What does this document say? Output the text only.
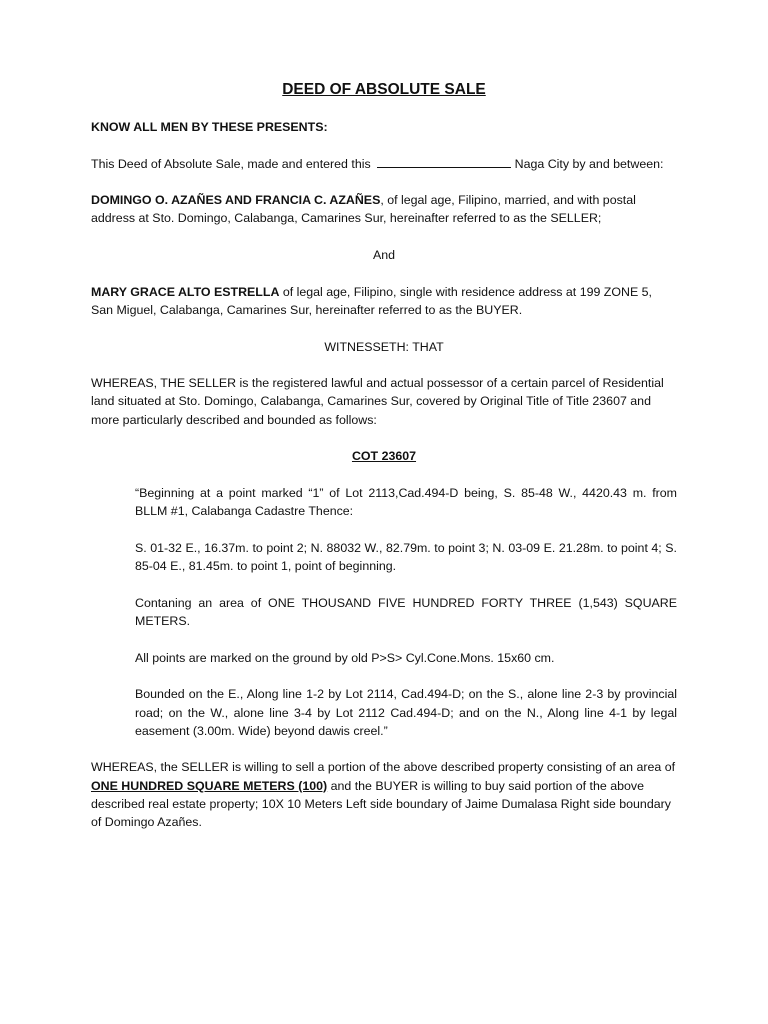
DEED OF ABSOLUTE SALE

KNOW ALL MEN BY THESE PRESENTS:

This Deed of Absolute Sale, made and entered this	Naga City by and between:

DOMINGO O. AZAÑES AND FRANCIA C. AZAÑES, of legal age, Filipino, married, and with postal address at Sto. Domingo, Calabanga, Camarines Sur, hereinafter referred to as the SELLER;

And

MARY GRACE ALTO ESTRELLA of legal age, Filipino, single with residence address at 199 ZONE 5, San Miguel, Calabanga, Camarines Sur, hereinafter referred to as the BUYER.

WITNESSETH: THAT

WHEREAS, THE SELLER is the registered lawful and actual possessor of a certain parcel of Residential land situated at Sto. Domingo, Calabanga, Camarines Sur, covered by Original Title of Title 23607 and more particularly described and bounded as follows:

COT 23607

“Beginning at a point marked “1” of Lot 2113,Cad.494-D being, S. 85-48 W., 4420.43 m. from BLLM #1, Calabanga Cadastre Thence:

S. 01-32 E., 16.37m. to point 2; N. 88032 W., 82.79m. to point 3; N. 03-09 E. 21.28m. to point 4; S. 85-04 E., 81.45m. to point 1, point of beginning.

Contaning an area of ONE THOUSAND FIVE HUNDRED FORTY THREE (1,543) SQUARE METERS.

All points are marked on the ground by old P>S> Cyl.Cone.Mons. 15x60 cm.

Bounded on the E., Along line 1-2 by Lot 2114, Cad.494-D; on the S., alone line 2-3 by provincial road; on the W., alone line 3-4 by Lot 2112 Cad.494-D; and on the N., Along line 4-1 by legal easement (3.00m. Wide) beyond dawis creel.”

WHEREAS, the SELLER is willing to sell a portion of the above described property consisting of an area of ONE HUNDRED SQUARE METERS (100) and the BUYER is willing to buy said portion of the above described real estate property; 10X 10 Meters Left side boundary of Jaime Dumalasa Right side boundary of Domingo Azañes.
